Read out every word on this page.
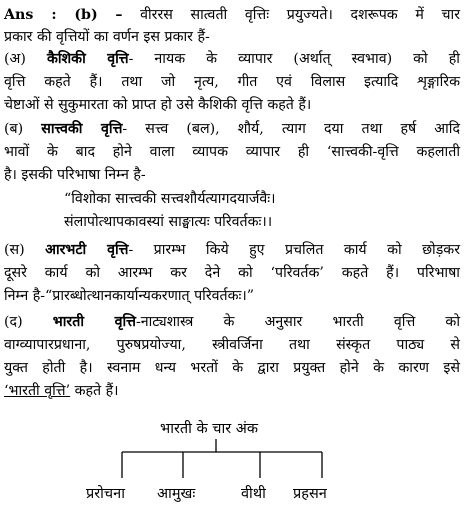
Ans : (b) – वीररस सात्वती वृत्तिः प्रयुज्यते। दशरूपक में चार
प्रकार की वृत्तियों का वर्णन इस प्रकार हैं-
(अ) कैशिकी वृत्ति- नायक के व्यापार (अर्थात् स्वभाव) को ही
वृत्ति कहते हैं। तथा जो नृत्य, गीत एवं विलास इत्यादि शृङ्गारिक
चेष्टाओं से सुकुमारता को प्राप्त हो उसे कैशिकी वृत्ति कहते हैं।
(ब) सात्त्वकी वृत्ति- सत्त्व (बल), शौर्य, त्याग दया तथा हर्ष आदि
भावों के बाद होने वाला व्यापक व्यापार ही ‘सात्त्वकी-वृत्ति कहलाती
है। इसकी परिभाषा निम्न है-
“विशोका सात्त्वकी सत्त्वशौर्यत्यागदयार्जवैः।
संलापोत्थापकावस्यां साङ्घात्यः परिवर्तकः।।
(स) आरभटी वृत्ति- प्रारम्भ किये हुए प्रचलित कार्य को छोड़कर
दूसरे कार्य को आरम्भ कर देने को ‘परिवर्तक’ कहते हैं। परिभाषा
निम्न है-“प्रारब्धोत्थानकार्यान्यकरणात् परिवर्तकः।”
(द) भारती वृत्ति-नाट्यशास्त्र के अनुसार भारती वृत्ति को
वाग्व्यापारप्रधाना, पुरुषप्रयोज्या, स्त्रीवर्जिना तथा संस्कृत पाठ्य से
युक्त होती है। स्वनाम धन्य भरतों के द्वारा प्रयुक्त होने के कारण इसे
‘भारती वृत्ति’ कहते हैं।
भारती के चार अंक
प्ररोचना आमुखः	वीथी प्रहसन
